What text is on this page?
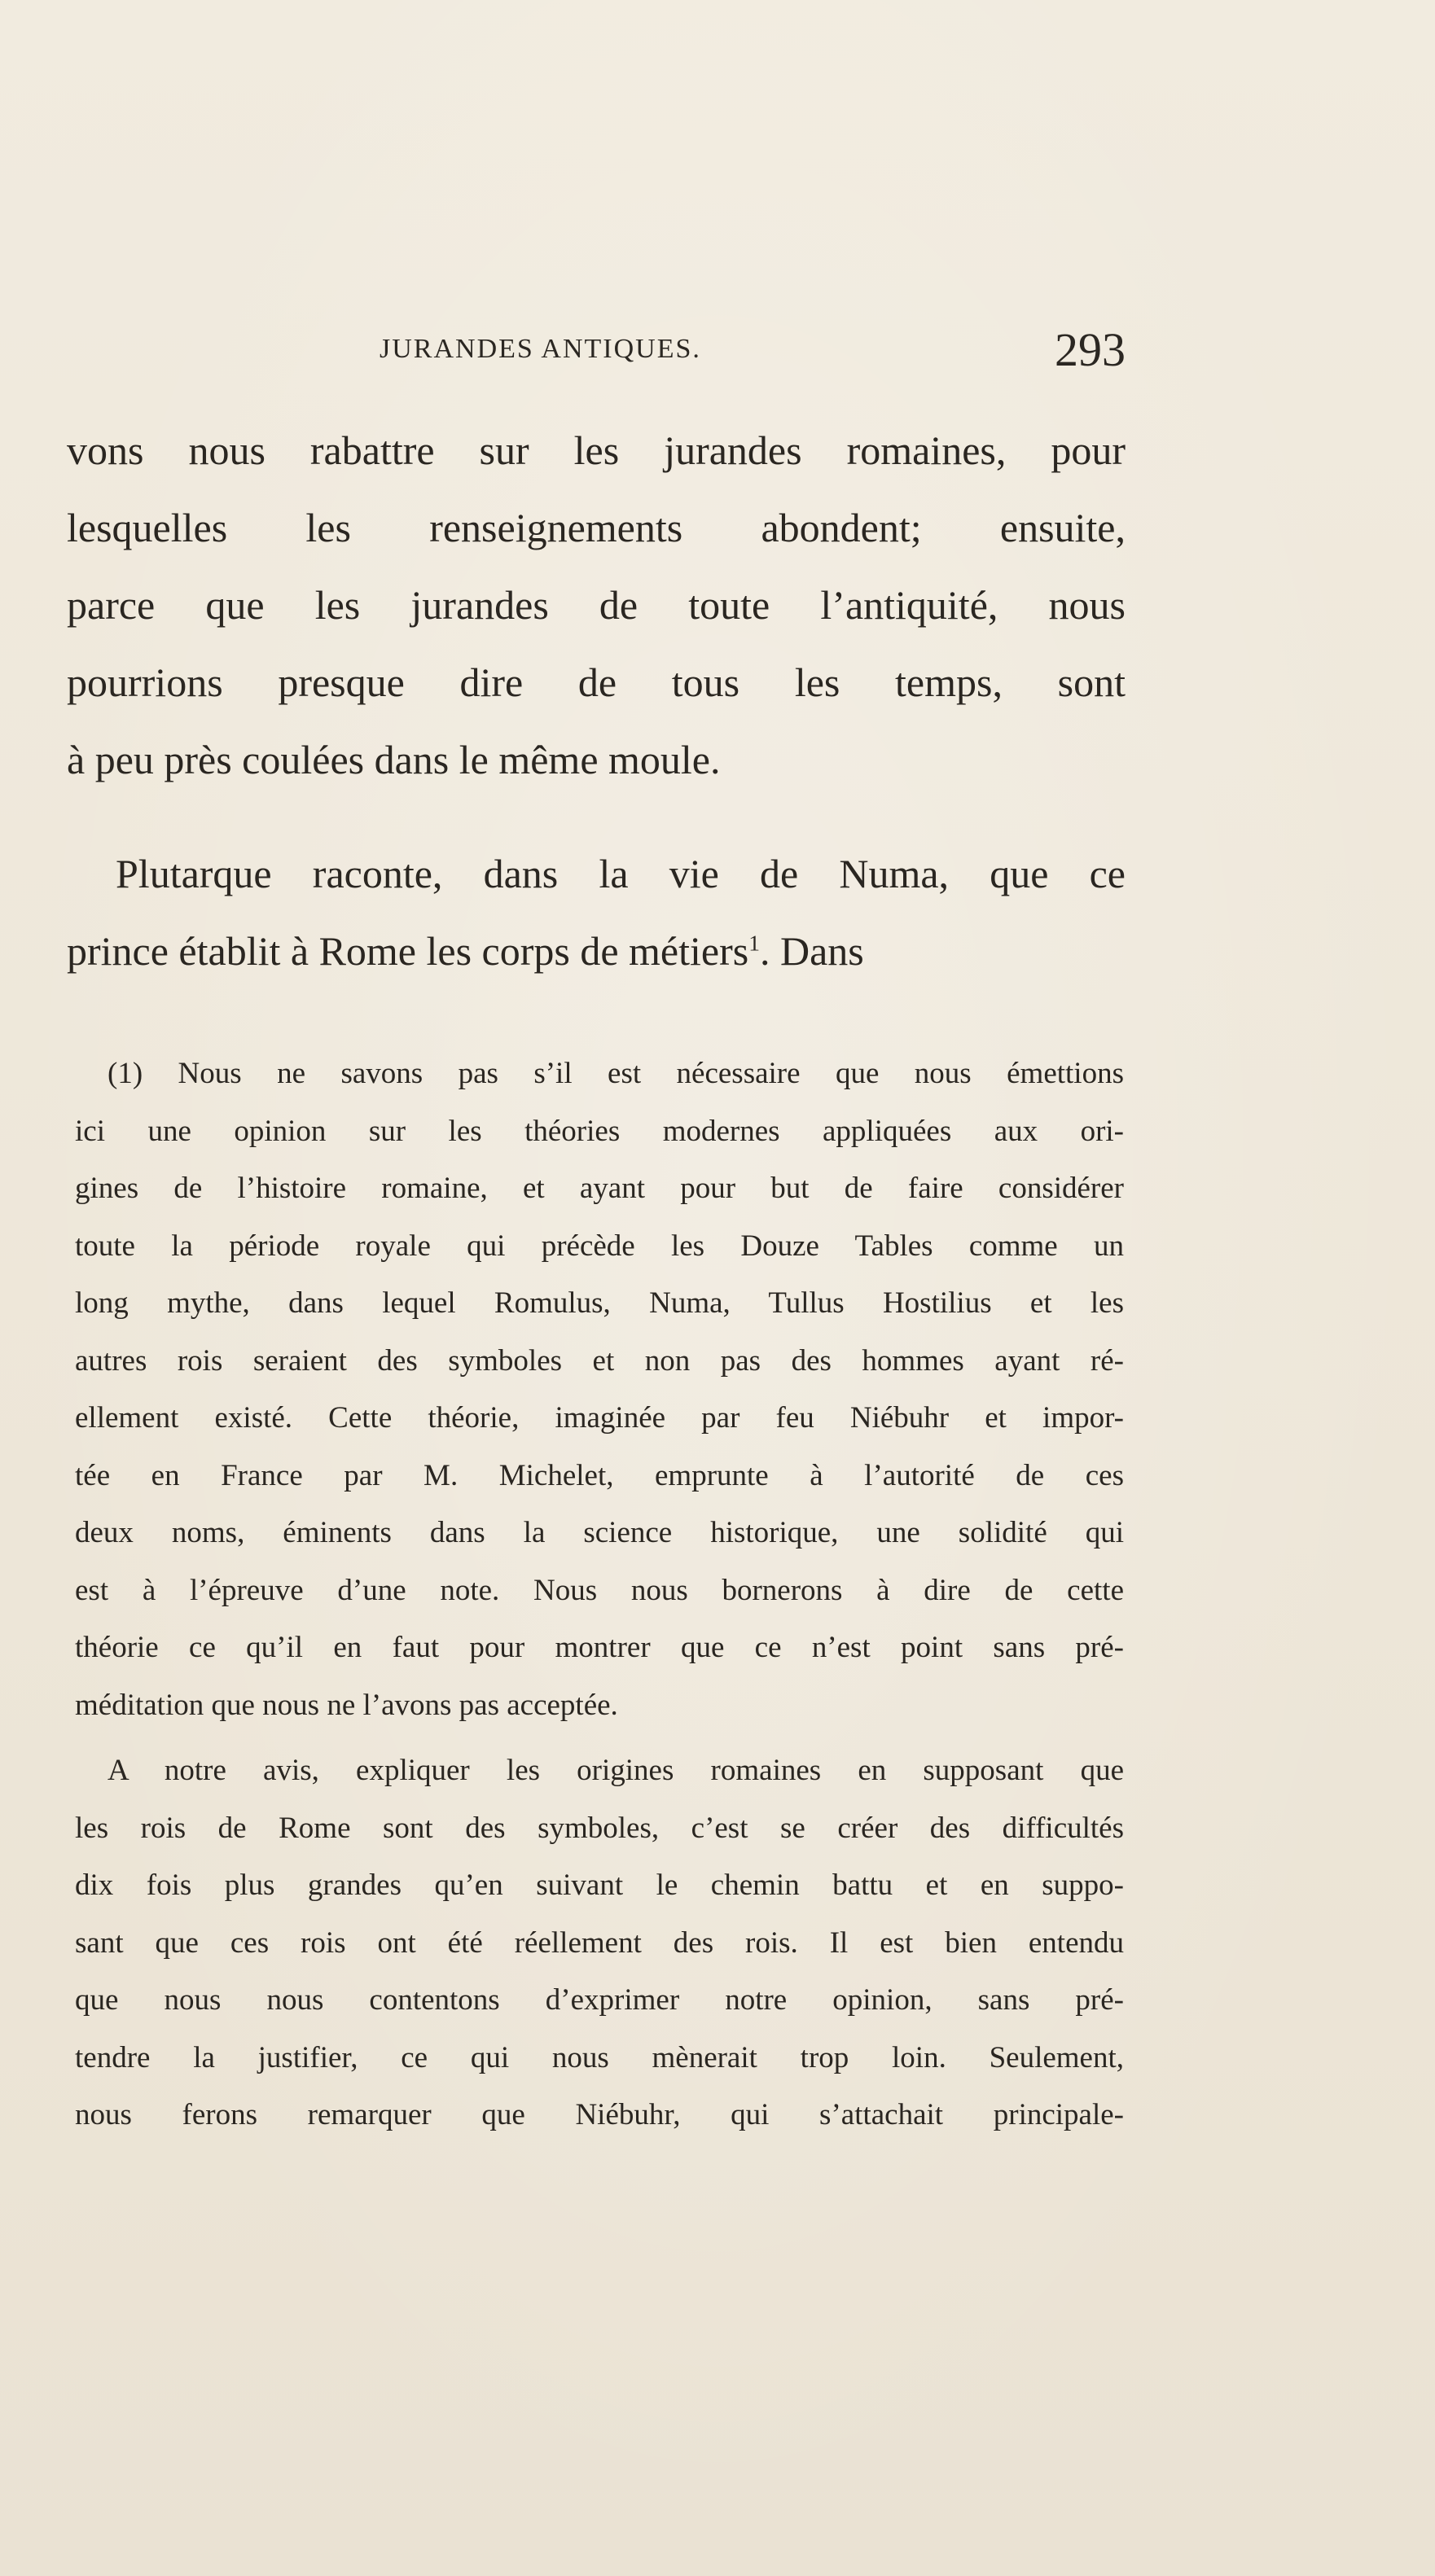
JURANDES ANTIQUES.	293
vons nous rabattre sur les jurandes romaines, pour
lesquelles les renseignements abondent; ensuite,
parce que les jurandes de toute l’antiquité, nous
pourrions presque dire de tous les temps, sont
à peu près coulées dans le même moule.
Plutarque raconte, dans la vie de Numa, que ce
prince établit à Rome les corps de métiers$^1$. Dans
(1) Nous ne savons pas s’il est nécessaire que nous émettions
ici une opinion sur les théories modernes appliquées aux ori-
gines de l’histoire romaine, et ayant pour but de faire considérer
toute la période royale qui précède les Douze Tables comme un
long mythe, dans lequel Romulus, Numa, Tullus Hostilius et les
autres rois seraient des symboles et non pas des hommes ayant ré-
ellement existé. Cette théorie, imaginée par feu Niébuhr et impor-
tée en France par M. Michelet, emprunte à l’autorité de ces
deux noms, éminents dans la science historique, une solidité qui
est à l’épreuve d’une note. Nous nous bornerons à dire de cette
théorie ce qu’il en faut pour montrer que ce n’est point sans pré-
méditation que nous ne l’avons pas acceptée.
A notre avis, expliquer les origines romaines en supposant que
les rois de Rome sont des symboles, c’est se créer des difficultés
dix fois plus grandes qu’en suivant le chemin battu et en suppo-
sant que ces rois ont été réellement des rois. Il est bien entendu
que nous nous contentons d’exprimer notre opinion, sans pré-
tendre la justifier, ce qui nous mènerait trop loin. Seulement,
nous ferons remarquer que Niébuhr, qui s’attachait principale-
